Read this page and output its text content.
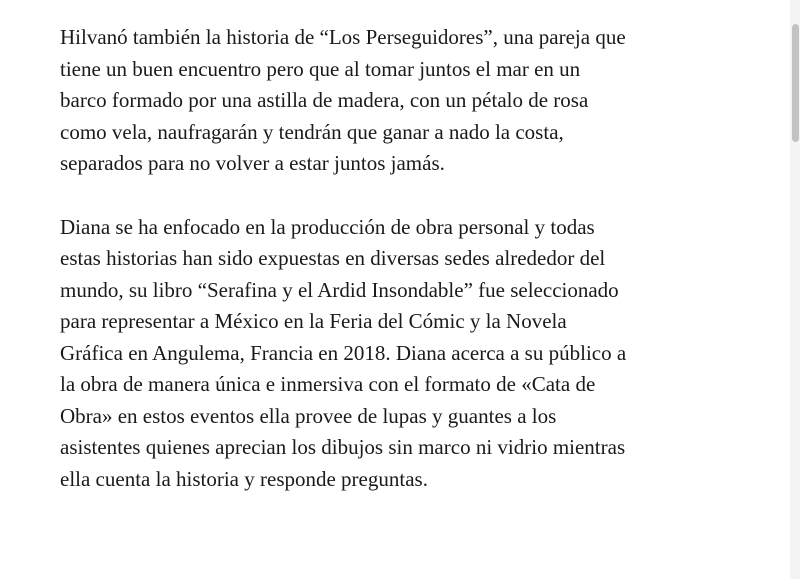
Hilvanó también la historia de “Los Perseguidores”, una pareja que
tiene un buen encuentro pero que al tomar juntos el mar en un
barco formado por una astilla de madera, con un pétalo de rosa
como vela, naufragarán y tendrán que ganar a nado la costa,
separados para no volver a estar juntos jamás.

Diana se ha enfocado en la producción de obra personal y todas
estas historias han sido expuestas en diversas sedes alrededor del
mundo, su libro “Serafina y el Ardid Insondable” fue seleccionado
para representar a México en la Feria del Cómic y la Novela
Gráfica en Angulema, Francia en 2018. Diana acerca a su público a
la obra de manera única e inmersiva con el formato de «Cata de
Obra» en estos eventos ella provee de lupas y guantes a los
asistentes quienes aprecian los dibujos sin marco ni vidrio mientras
ella cuenta la historia y responde preguntas.
